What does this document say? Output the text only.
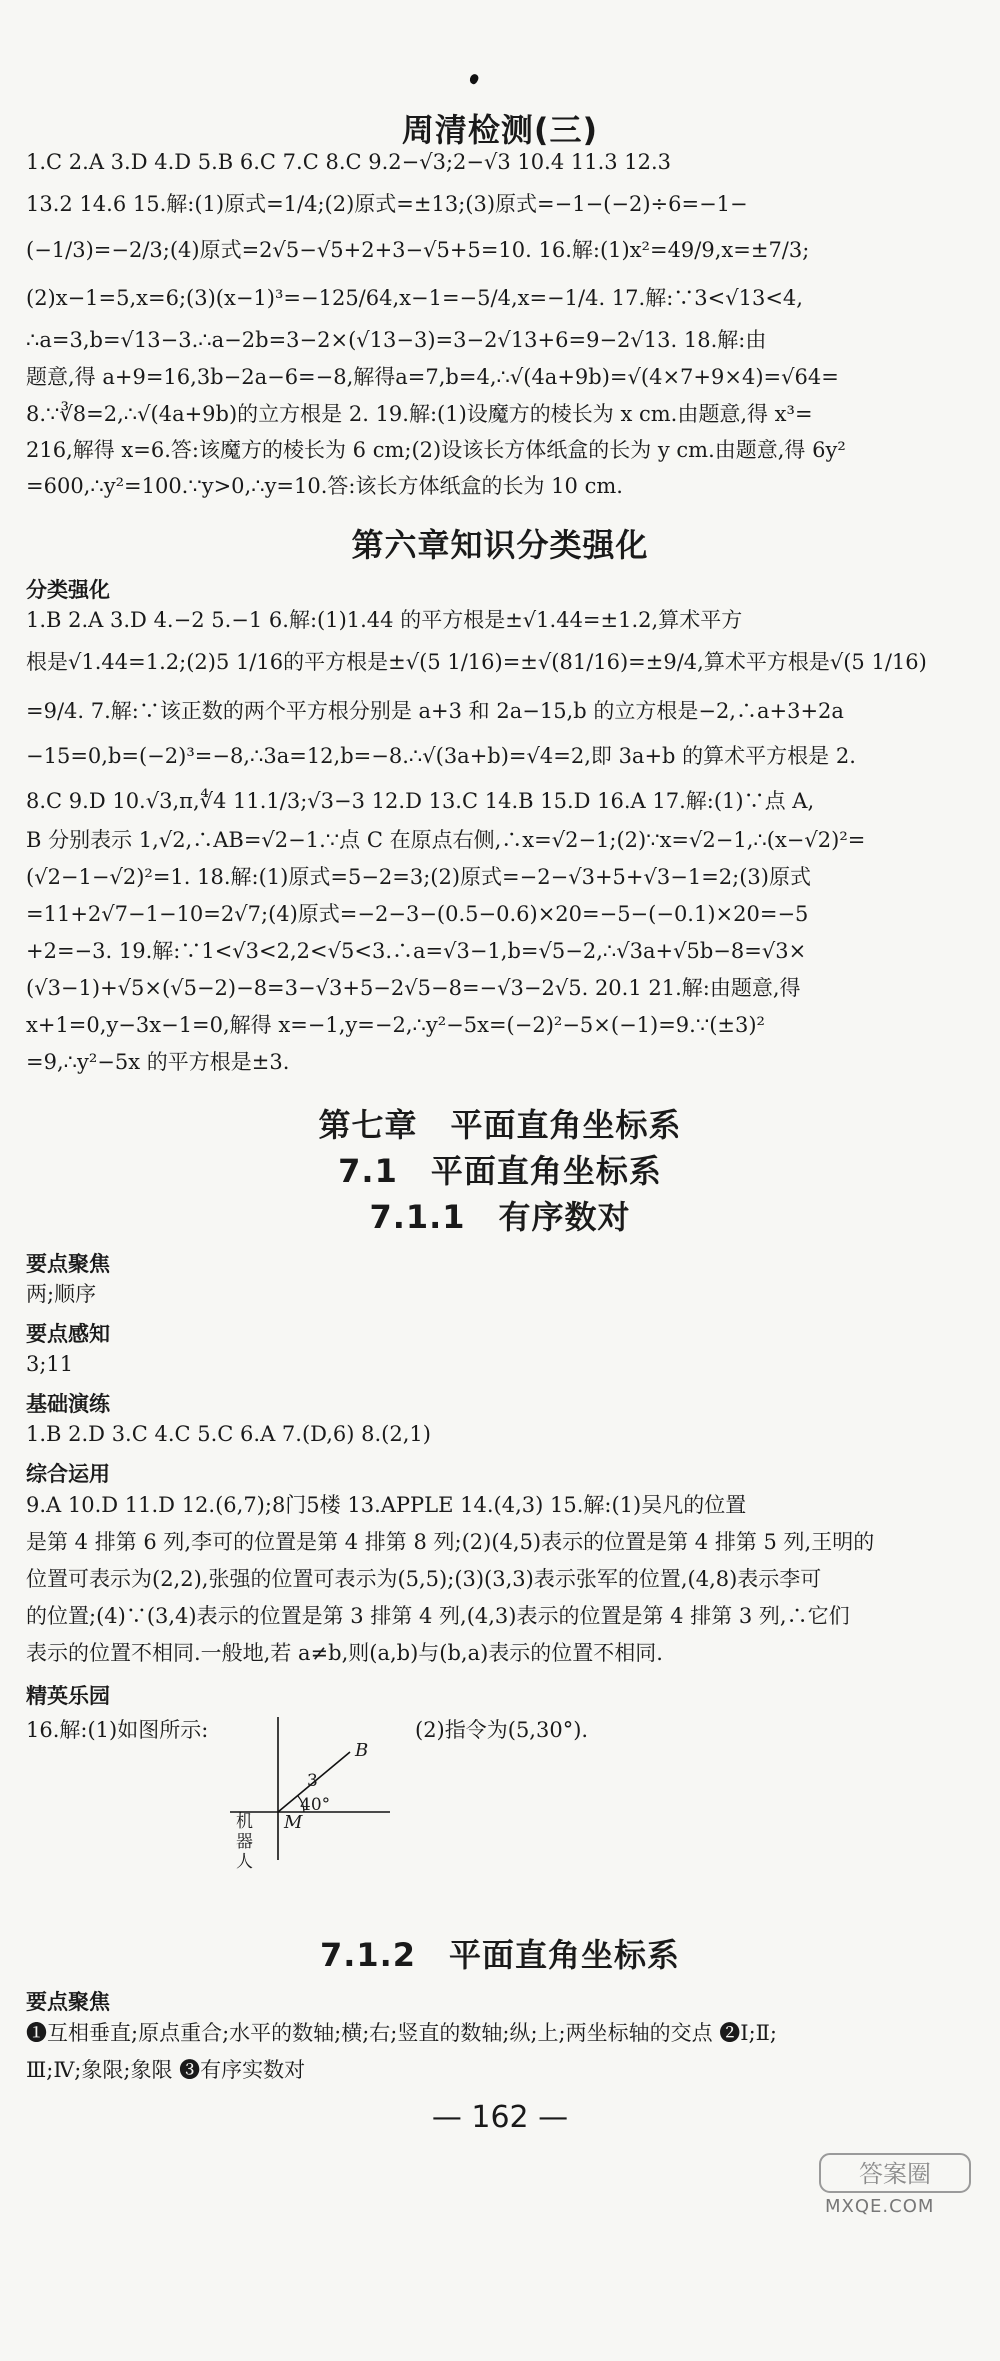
周清检测(三)
1.C 2.A 3.D 4.D 5.B 6.C 7.C 8.C 9.2−√3;2−√3 10.4 11.3 12.3
13.2 14.6 15.解:(1)原式=1/4;(2)原式=±13;(3)原式=−1−(−2)÷6=−1−
(−1/3)=−2/3;(4)原式=2√5−√5+2+3−√5+5=10. 16.解:(1)x²=49/9,x=±7/3;
(2)x−1=5,x=6;(3)(x−1)³=−125/64,x−1=−5/4,x=−1/4. 17.解:∵3<√13<4,
∴a=3,b=√13−3.∴a−2b=3−2×(√13−3)=3−2√13+6=9−2√13. 18.解:由
题意,得 a+9=16,3b−2a−6=−8,解得a=7,b=4,∴√(4a+9b)=√(4×7+9×4)=√64=
8.∵∛8=2,∴√(4a+9b)的立方根是 2. 19.解:(1)设魔方的棱长为 x cm.由题意,得 x³=
216,解得 x=6.答:该魔方的棱长为 6 cm;(2)设该长方体纸盒的长为 y cm.由题意,得 6y²
=600,∴y²=100.∵y>0,∴y=10.答:该长方体纸盒的长为 10 cm.
第六章知识分类强化
分类强化
1.B 2.A 3.D 4.−2 5.−1 6.解:(1)1.44 的平方根是±√1.44=±1.2,算术平方
根是√1.44=1.2;(2)5 1/16的平方根是±√(5 1/16)=±√(81/16)=±9/4,算术平方根是√(5 1/16)
=9/4. 7.解:∵该正数的两个平方根分别是 a+3 和 2a−15,b 的立方根是−2,∴a+3+2a
−15=0,b=(−2)³=−8,∴3a=12,b=−8.∴√(3a+b)=√4=2,即 3a+b 的算术平方根是 2.
8.C 9.D 10.√3,π,∜4 11.1/3;√3−3 12.D 13.C 14.B 15.D 16.A 17.解:(1)∵点 A,
B 分别表示 1,√2,∴AB=√2−1.∵点 C 在原点右侧,∴x=√2−1;(2)∵x=√2−1,∴(x−√2)²=
(√2−1−√2)²=1. 18.解:(1)原式=5−2=3;(2)原式=−2−√3+5+√3−1=2;(3)原式
=11+2√7−1−10=2√7;(4)原式=−2−3−(0.5−0.6)×20=−5−(−0.1)×20=−5
+2=−3. 19.解:∵1<√3<2,2<√5<3.∴a=√3−1,b=√5−2,∴√3a+√5b−8=√3×
(√3−1)+√5×(√5−2)−8=3−√3+5−2√5−8=−√3−2√5. 20.1 21.解:由题意,得
x+1=0,y−3x−1=0,解得 x=−1,y=−2,∴y²−5x=(−2)²−5×(−1)=9.∵(±3)²
=9,∴y²−5x 的平方根是±3.
第七章　平面直角坐标系
7.1　平面直角坐标系
7.1.1　有序数对
要点聚焦
两;顺序
要点感知
3;11
基础演练
1.B 2.D 3.C 4.C 5.C 6.A 7.(D,6) 8.(2,1)
综合运用
9.A 10.D 11.D 12.(6,7);8门5楼 13.APPLE 14.(4,3) 15.解:(1)吴凡的位置
是第 4 排第 6 列,李可的位置是第 4 排第 8 列;(2)(4,5)表示的位置是第 4 排第 5 列,王明的
位置可表示为(2,2),张强的位置可表示为(5,5);(3)(3,3)表示张军的位置,(4,8)表示李可
的位置;(4)∵(3,4)表示的位置是第 3 排第 4 列,(4,3)表示的位置是第 4 排第 3 列,∴它们
表示的位置不相同.一般地,若 a≠b,则(a,b)与(b,a)表示的位置不相同.
精英乐园
16.解:(1)如图所示:
B
3
40°
M
机器人
(2)指令为(5,30°).
7.1.2　平面直角坐标系
要点聚焦
❶互相垂直;原点重合;水平的数轴;横;右;竖直的数轴;纵;上;两坐标轴的交点 ❷Ⅰ;Ⅱ;
Ⅲ;Ⅳ;象限;象限 ❸有序实数对
— 162 —
答案圈
MXQE.COM
